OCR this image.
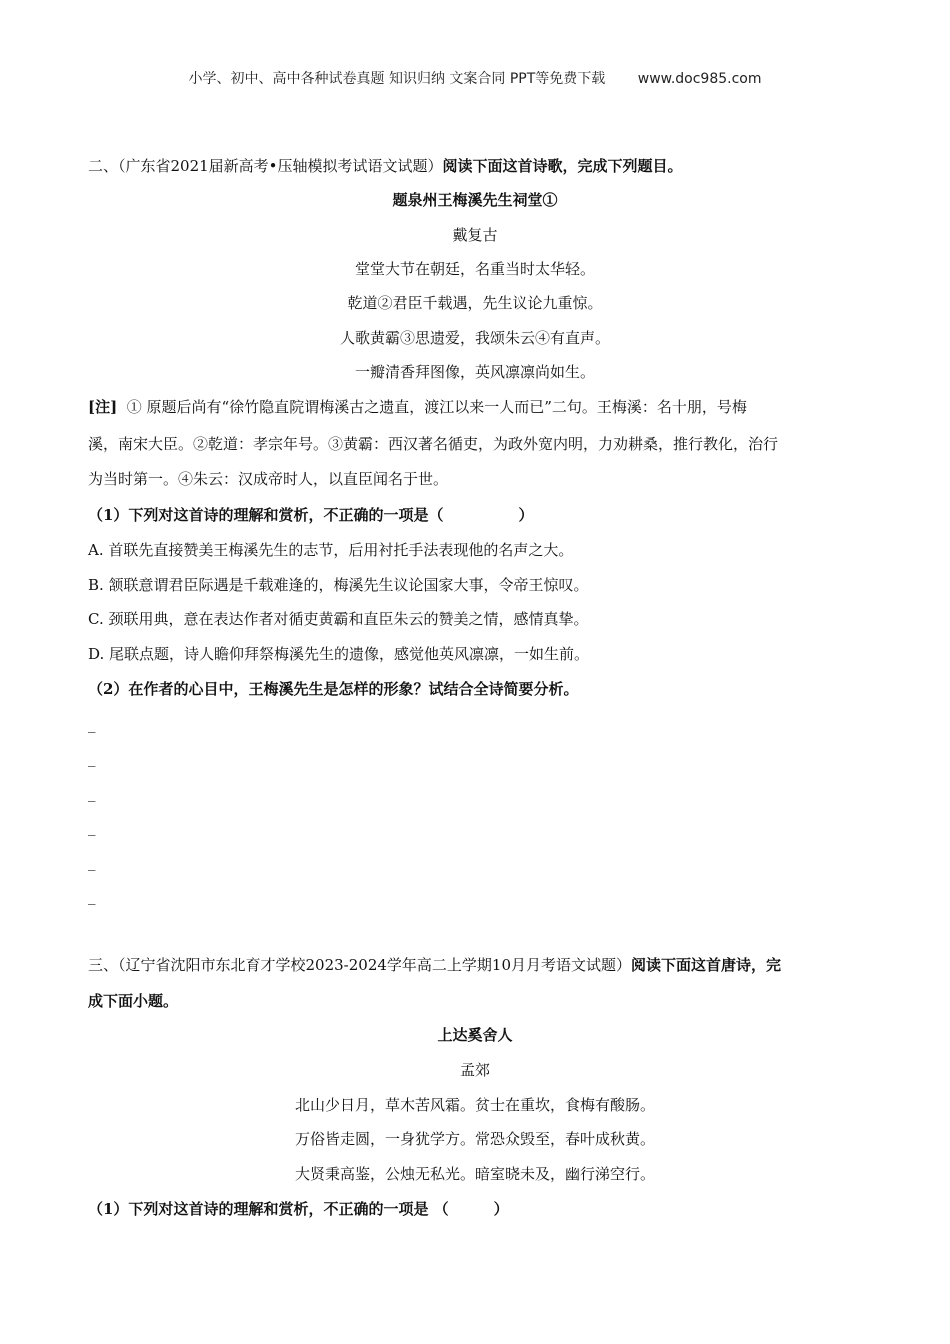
小学、初中、高中各种试卷真题 知识归纳 文案合同 PPT等免费下载 www.doc985.com
二、（广东省2021届新高考•压轴模拟考试语文试题）阅读下面这首诗歌，完成下列题目。
题泉州王梅溪先生祠堂①
戴复古
堂堂大节在朝廷，名重当时太华轻。
乾道②君臣千载遇，先生议论九重惊。
人歌黄霸③思遗爱，我颂朱云④有直声。
一瓣清香拜图像，英风凛凛尚如生。
[注] ① 原题后尚有“徐竹隐直院谓梅溪古之遗直，渡江以来一人而已”二句。王梅溪：名十朋，号梅
溪，南宋大臣。②乾道：孝宗年号。③黄霸：西汉著名循吏，为政外宽内明，力劝耕桑，推行教化，治行
为当时第一。④朱云：汉成帝时人，以直臣闻名于世。
（1）下列对这首诗的理解和赏析，不正确的一项是（　　　　　）
A. 首联先直接赞美王梅溪先生的志节，后用衬托手法表现他的名声之大。
B. 颔联意谓君臣际遇是千载难逢的，梅溪先生议论国家大事，令帝王惊叹。
C. 颈联用典，意在表达作者对循吏黄霸和直臣朱云的赞美之情，感情真挚。
D. 尾联点题，诗人瞻仰拜祭梅溪先生的遗像，感觉他英风凛凛，一如生前。
（2）在作者的心目中，王梅溪先生是怎样的形象？试结合全诗简要分析。
_
_
_
_
_
_
三、（辽宁省沈阳市东北育才学校2023-2024学年高二上学期10月月考语文试题）阅读下面这首唐诗，完
成下面小题。
上达奚舍人
孟郊
北山少日月，草木苦风霜。贫士在重坎，食梅有酸肠。
万俗皆走圆，一身犹学方。常恐众毁至，春叶成秋黄。
大贤秉高鉴，公烛无私光。暗室晓未及，幽行涕空行。
（1）下列对这首诗的理解和赏析，不正确的一项是 （　　　）
